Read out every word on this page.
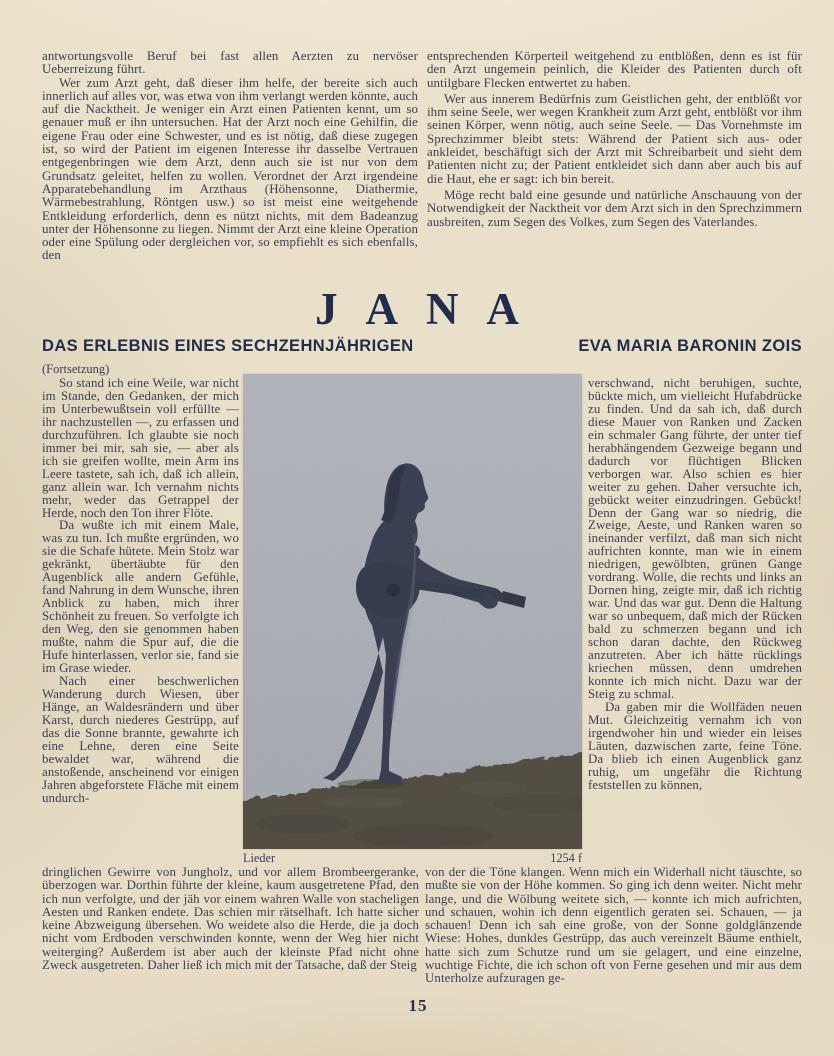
antwortungsvolle Beruf bei fast allen Aerzten zu nervöser Ueberreizung führt.

Wer zum Arzt geht, daß dieser ihm helfe, der bereite sich auch innerlich auf alles vor, was etwa von ihm verlangt werden könnte, auch auf die Nacktheit. Je weniger ein Arzt einen Patienten kennt, um so genauer muß er ihn untersuchen. Hat der Arzt noch eine Gehilfin, die eigene Frau oder eine Schwester, und es ist nötig, daß diese zugegen ist, so wird der Patient im eigenen Interesse ihr dasselbe Vertrauen entgegenbringen wie dem Arzt, denn auch sie ist nur von dem Grundsatz geleitet, helfen zu wollen. Verordnet der Arzt irgendeine Apparatebehandlung im Arzthaus (Höhensonne, Diathermie, Wärmebestrahlung, Röntgen usw.) so ist meist eine weitgehende Entkleidung erforderlich, denn es nützt nichts, mit dem Badeanzug unter der Höhensonne zu liegen. Nimmt der Arzt eine kleine Operation oder eine Spülung oder dergleichen vor, so empfiehlt es sich ebenfalls, den

entsprechenden Körperteil weitgehend zu entblößen, denn es ist für den Arzt ungemein peinlich, die Kleider des Patienten durch oft untilgbare Flecken entwertet zu haben.

Wer aus innerem Bedürfnis zum Geistlichen geht, der entblößt vor ihm seine Seele, wer wegen Krankheit zum Arzt geht, entblößt vor ihm seinen Körper, wenn nötig, auch seine Seele. — Das Vornehmste im Sprechzimmer bleibt stets: Während der Patient sich aus- oder ankleidet, beschäftigt sich der Arzt mit Schreibarbeit und sieht dem Patienten nicht zu; der Patient entkleidet sich dann aber auch bis auf die Haut, ehe er sagt: ich bin bereit.

Möge recht bald eine gesunde und natürliche Anschauung von der Notwendigkeit der Nacktheit vor dem Arzt sich in den Sprechzimmern ausbreiten, zum Segen des Volkes, zum Segen des Vaterlandes.

JANA
DAS ERLEBNIS EINES SECHZEHNJÄHRIGEN	EVA MARIA BARONIN ZOIS
(Fortsetzung)

So stand ich eine Weile, war nicht im Stande, den Gedanken, der mich im Unterbewußtsein voll erfüllte — ihr nachzustellen —, zu erfassen und durchzuführen. Ich glaubte sie noch immer bei mir, sah sie, — aber als ich sie greifen wollte, mein Arm ins Leere tastete, sah ich, daß ich allein, ganz allein war. Ich vernahm nichts mehr, weder das Getrappel der Herde, noch den Ton ihrer Flöte.

Da wußte ich mit einem Male, was zu tun. Ich mußte ergründen, wo sie die Schafe hütete. Mein Stolz war gekränkt, übertäubte für den Augenblick alle andern Gefühle, fand Nahrung in dem Wunsche, ihren Anblick zu haben, mich ihrer Schönheit zu freuen. So verfolgte ich den Weg, den sie genommen haben mußte, nahm die Spur auf, die die Hufe hinterlassen, verlor sie, fand sie im Grase wieder.

Nach einer beschwerlichen Wanderung durch Wiesen, über Hänge, an Waldesrändern und über Karst, durch niederes Gestrüpp, auf das die Sonne brannte, gewahrte ich eine Lehne, deren eine Seite bewaldet war, während die anstoßende, anscheinend vor einigen Jahren abgeforstete Fläche mit einem undurch-

verschwand, nicht beruhigen, suchte, bückte mich, um vielleicht Hufabdrücke zu finden. Und da sah ich, daß durch diese Mauer von Ranken und Zacken ein schmaler Gang führte, der unter tief herabhängendem Gezweige begann und dadurch vor flüchtigen Blicken verborgen war. Also schien es hier weiter zu gehen. Daher versuchte ich, gebückt weiter einzudringen. Gebückt! Denn der Gang war so niedrig, die Zweige, Aeste, und Ranken waren so ineinander verfilzt, daß man sich nicht aufrichten konnte, man wie in einem niedrigen, gewölbten, grünen Gange vordrang. Wolle, die rechts und links an Dornen hing, zeigte mir, daß ich richtig war. Und das war gut. Denn die Haltung war so unbequem, daß mich der Rücken bald zu schmerzen begann und ich schon daran dachte, den Rückweg anzutreten. Aber ich hätte rücklings kriechen müssen, denn umdrehen konnte ich mich nicht. Dazu war der Steig zu schmal.

Da gaben mir die Wollfäden neuen Mut. Gleichzeitig vernahm ich von irgendwoher hin und wieder ein leises Läuten, dazwischen zarte, feine Töne. Da blieb ich einen Augenblick ganz ruhig, um ungefähr die Richtung feststellen zu können,

Lieder	1254 f

dringlichen Gewirre von Jungholz, und vor allem Brombeergeranke, überzogen war. Dorthin führte der kleine, kaum ausgetretene Pfad, den ich nun verfolgte, und der jäh vor einem wahren Walle von stacheligen Aesten und Ranken endete. Das schien mir rätselhaft. Ich hatte sicher keine Abzweigung übersehen. Wo weidete also die Herde, die ja doch nicht vom Erdboden verschwinden konnte, wenn der Weg hier nicht weiterging? Außerdem ist aber auch der kleinste Pfad nicht ohne Zweck ausgetreten. Daher ließ ich mich mit der Tatsache, daß der Steig

von der die Töne klangen. Wenn mich ein Widerhall nicht täuschte, so mußte sie von der Höhe kommen. So ging ich denn weiter. Nicht mehr lange, und die Wölbung weitete sich, — konnte ich mich aufrichten, und schauen, wohin ich denn eigentlich geraten sei. Schauen, — ja schauen! Denn ich sah eine große, von der Sonne goldglänzende Wiese: Hohes, dunkles Gestrüpp, das auch vereinzelt Bäume enthielt, hatte sich zum Schutze rund um sie gelagert, und eine einzelne, wuchtige Fichte, die ich schon oft von Ferne gesehen und mir aus dem Unterholze aufzuragen ge-

15
